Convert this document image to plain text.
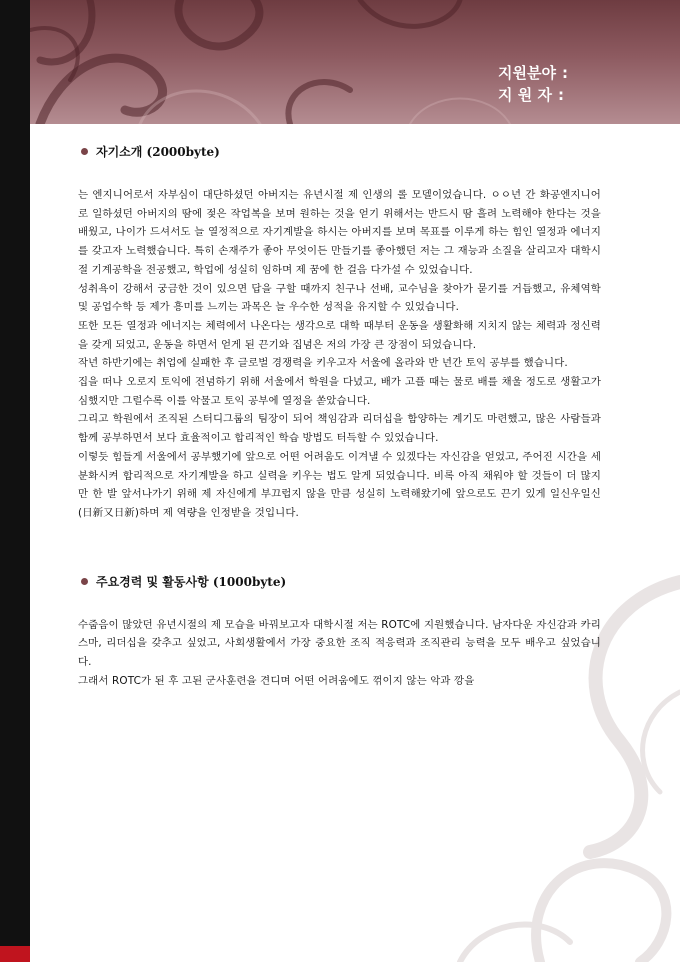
지원분야 :
지 원 자 :
자기소개 (2000byte)

는 엔지니어로서 자부심이 대단하셨던 아버지는 유년시절 제 인생의 롤 모델이었습니다. ㅇㅇ년 간 화공엔지니어로 일하셨던 아버지의 땀에 젖은 작업복을 보며 원하는 것을 얻기 위해서는 반드시 땀 흘려 노력해야 한다는 것을 배웠고, 나이가 드셔서도 늘 열정적으로 자기계발을 하시는 아버지를 보며 목표를 이루게 하는 힘인 열정과 에너지를 갖고자 노력했습니다. 특히 손재주가 좋아 무엇이든 만들기를 좋아했던 저는 그 재능과 소질을 살리고자 대학시절 기계공학을 전공했고, 학업에 성실히 임하며 제 꿈에 한 걸음 다가설 수 있었습니다.

성취욕이 강해서 궁금한 것이 있으면 답을 구할 때까지 친구나 선배, 교수님을 찾아가 묻기를 거듭했고, 유체역학 및 공업수학 등 제가 흥미를 느끼는 과목은 늘 우수한 성적을 유지할 수 있었습니다.

또한 모든 열정과 에너지는 체력에서 나온다는 생각으로 대학 때부터 운동을 생활화해 지치지 않는 체력과 정신력을 갖게 되었고, 운동을 하면서 얻게 된 끈기와 집념은 저의 가장 큰 장점이 되었습니다.

작년 하반기에는 취업에 실패한 후 글로벌 경쟁력을 키우고자 서울에 올라와 반 년간 토익 공부를 했습니다.

집을 떠나 오로지 토익에 전념하기 위해 서울에서 학원을 다녔고, 배가 고플 때는 물로 배를 채울 정도로 생활고가 심했지만 그럴수록 이를 악물고 토익 공부에 열정을 쏟았습니다.

그리고 학원에서 조직된 스터디그룹의 팀장이 되어 책임감과 리더십을 함양하는 계기도 마련했고, 많은 사람들과 함께 공부하면서 보다 효율적이고 합리적인 학습 방법도 터득할 수 있었습니다.

이렇듯 힘들게 서울에서 공부했기에 앞으로 어떤 어려움도 이겨낼 수 있겠다는 자신감을 얻었고, 주어진 시간을 세분화시켜 합리적으로 자기계발을 하고 실력을 키우는 법도 알게 되었습니다. 비록 아직 채워야 할 것들이 더 많지만 한 발 앞서나가기 위해 제 자신에게 부끄럽지 않을 만큼 성실히 노력해왔기에 앞으로도 끈기 있게 일신우일신(日新又日新)하며 제 역량을 인정받을 것입니다.

주요경력 및 활동사항 (1000byte)

수줍음이 많았던 유년시절의 제 모습을 바꿔보고자 대학시절 저는 ROTC에 지원했습니다. 남자다운 자신감과 카리스마, 리더십을 갖추고 싶었고, 사회생활에서 가장 중요한 조직 적응력과 조직관리 능력을 모두 배우고 싶었습니다.

그래서 ROTC가 된 후 고된 군사훈련을 견디며 어떤 어려움에도 꺾이지 않는 악과 깡을
